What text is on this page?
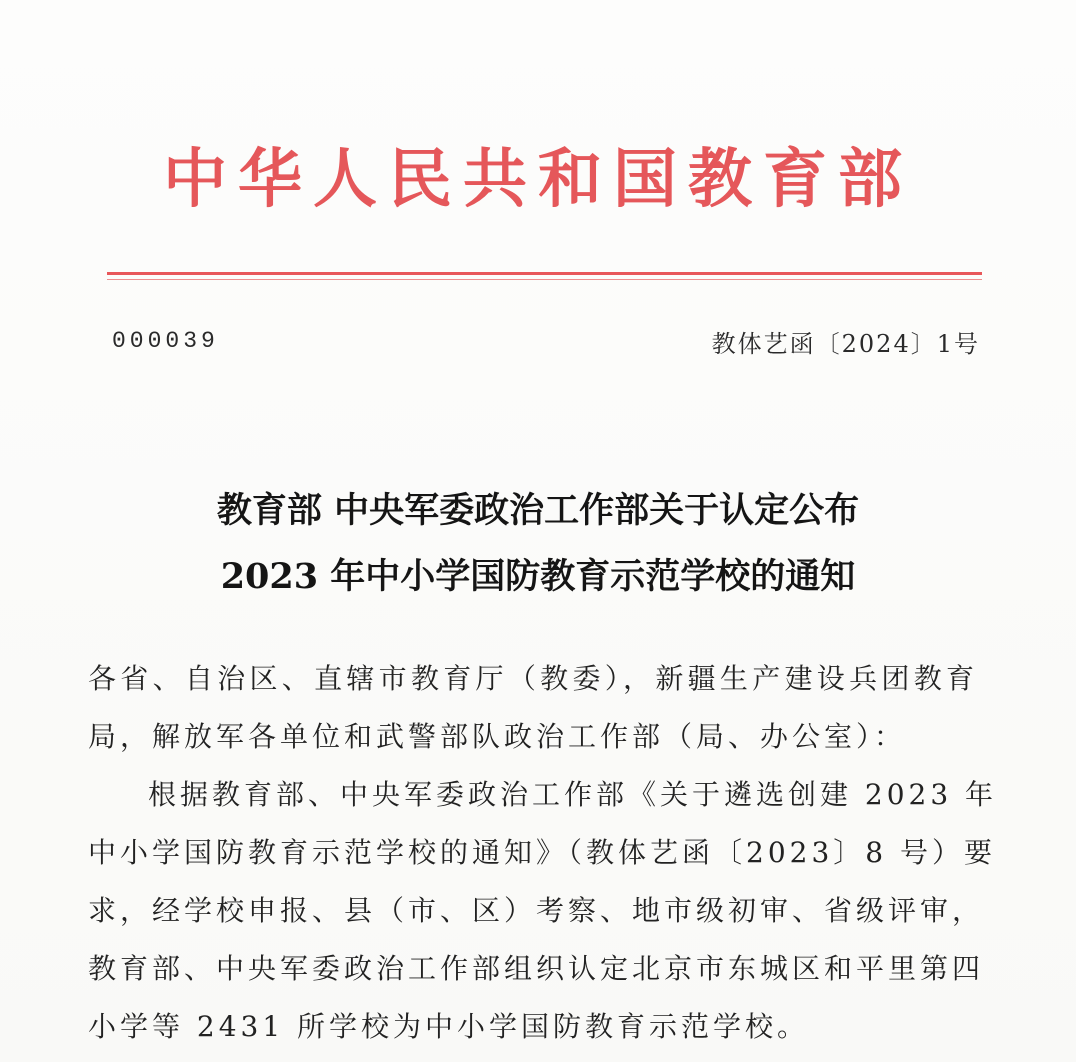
中华人民共和国教育部
000039	教体艺函〔2024〕1号
教育部 中央军委政治工作部关于认定公布
2023 年中小学国防教育示范学校的通知
各省、自治区、直辖市教育厅（教委），新疆生产建设兵团教育
局，解放军各单位和武警部队政治工作部（局、办公室）：
根据教育部、中央军委政治工作部《关于遴选创建 2023 年
中小学国防教育示范学校的通知》（教体艺函〔2023〕8 号）要
求，经学校申报、县（市、区）考察、地市级初审、省级评审，
教育部、中央军委政治工作部组织认定北京市东城区和平里第四
小学等 2431 所学校为中小学国防教育示范学校。
